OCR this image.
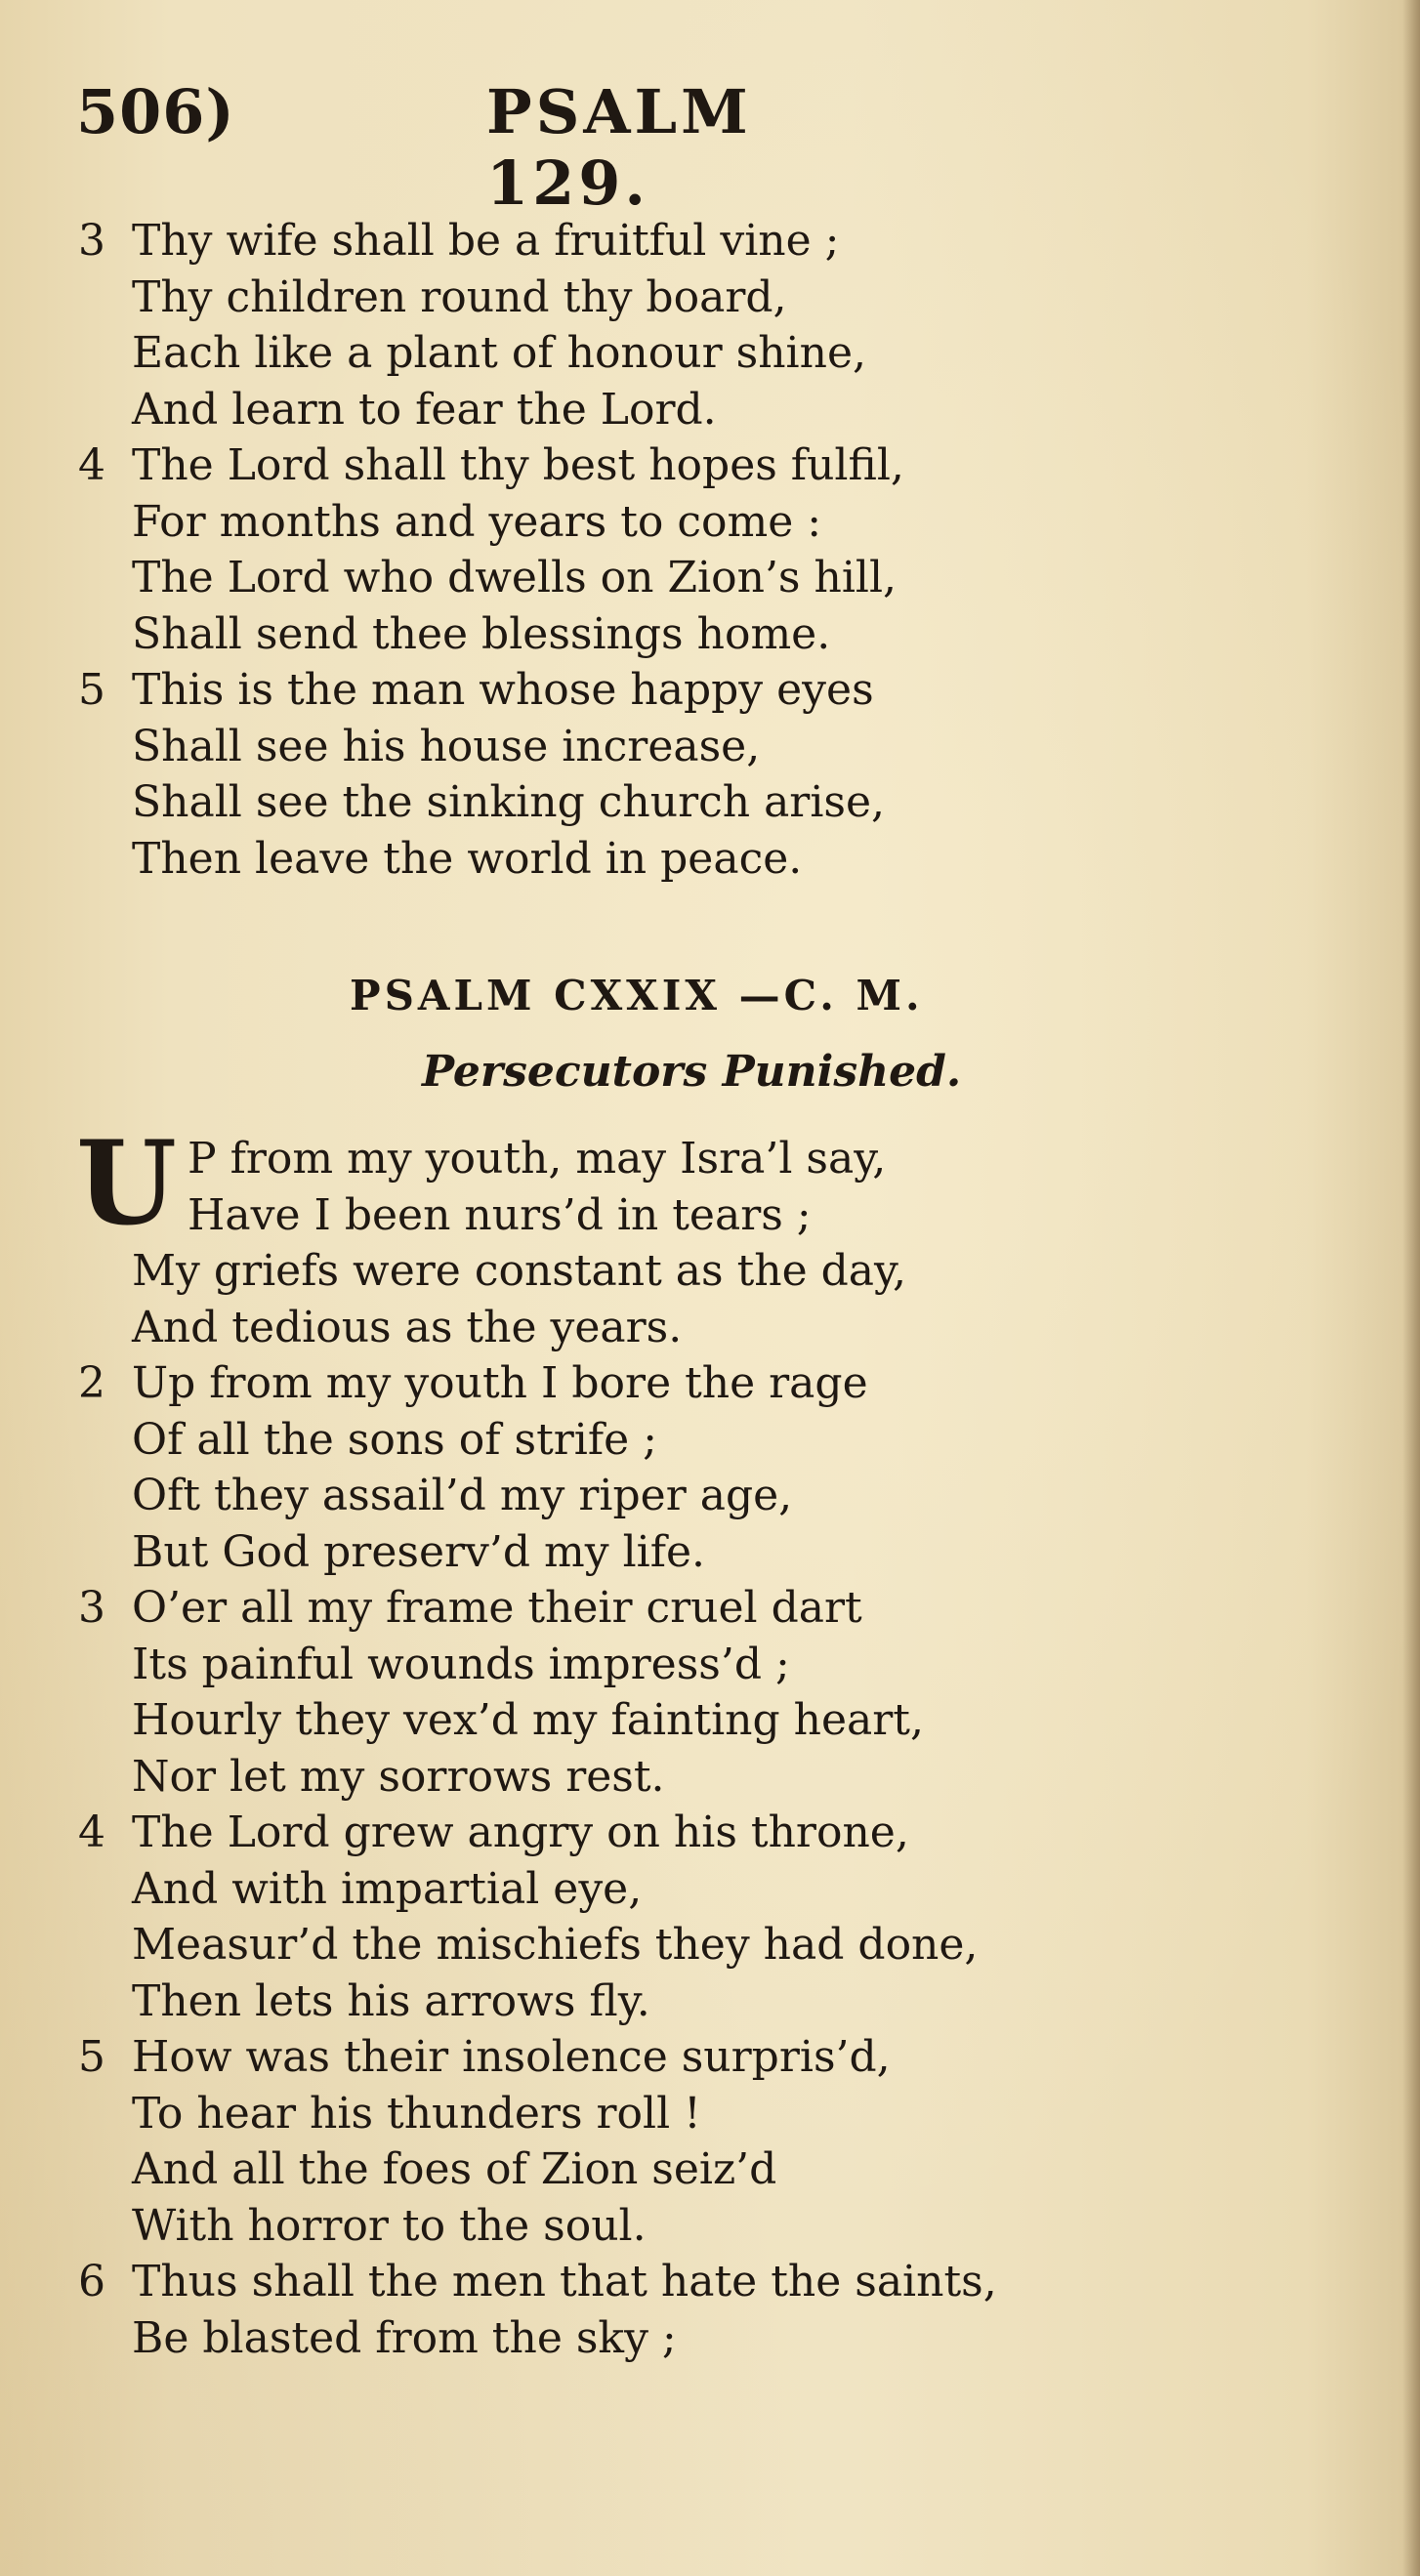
506)	PSALM 129.
3 Thy wife shall be a fruitful vine ;
Thy children round thy board,
Each like a plant of honour shine,
And learn to fear the Lord.
4 The Lord shall thy best hopes fulfil,
For months and years to come :
The Lord who dwells on Zion’s hill,
Shall send thee blessings home.
5 This is the man whose happy eyes
Shall see his house increase,
Shall see the sinking church arise,
Then leave the world in peace.
PSALM CXXIX —C. M.
Persecutors Punished.
U P from my youth, may Isra’l say,
Have I been nurs’d in tears ;
My griefs were constant as the day,
And tedious as the years.
2 Up from my youth I bore the rage
Of all the sons of strife ;
Oft they assail’d my riper age,
But God preserv’d my life.
3 O’er all my frame their cruel dart
Its painful wounds impress’d ;
Hourly they vex’d my fainting heart,
Nor let my sorrows rest.
4 The Lord grew angry on his throne,
And with impartial eye,
Measur’d the mischiefs they had done,
Then lets his arrows fly.
5 How was their insolence surpris’d,
To hear his thunders roll !
And all the foes of Zion seiz’d
With horror to the soul.
6 Thus shall the men that hate the saints,
Be blasted from the sky ;
